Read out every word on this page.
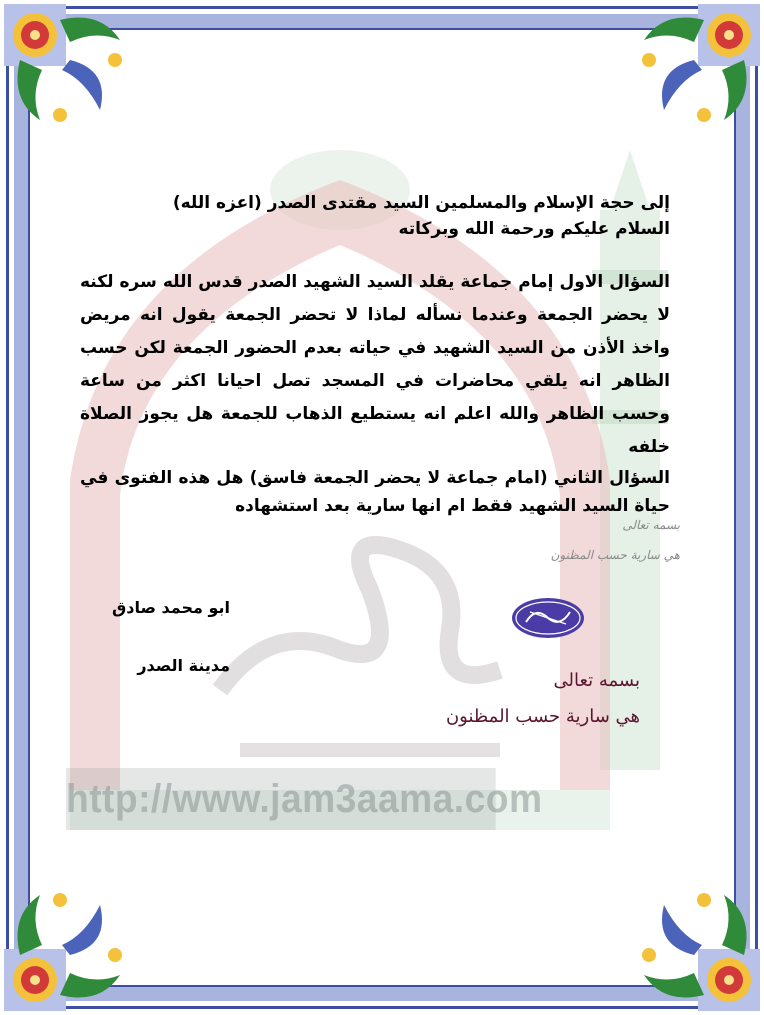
http://www.jam3aama.com

إلى حجة الإسلام والمسلمين السيد مقتدى الصدر (اعزه الله)

السلام عليكم ورحمة الله وبركاته

السؤال الاول إمام جماعة يقلد السيد الشهيد الصدر قدس الله سره لكنه لا يحضر الجمعة وعندما نسأله لماذا لا تحضر الجمعة يقول انه مريض واخذ الأذن من السيد الشهيد في حياته بعدم الحضور الجمعة لكن حسب الظاهر انه يلقي محاضرات في المسجد تصل احيانا اكثر من ساعة وحسب الظاهر والله اعلم انه يستطيع الذهاب للجمعة هل يجوز الصلاة خلفه

السؤال الثاني (امام جماعة لا يحضر الجمعة فاسق) هل هذه الفتوى في حياة السيد الشهيد فقط ام انها سارية بعد استشهاده

بسمه تعالى
هي سارية حسب المظنون
ابو محمد صادق
مدينة الصدر
بسمه تعالى
هي سارية حسب المظنون
